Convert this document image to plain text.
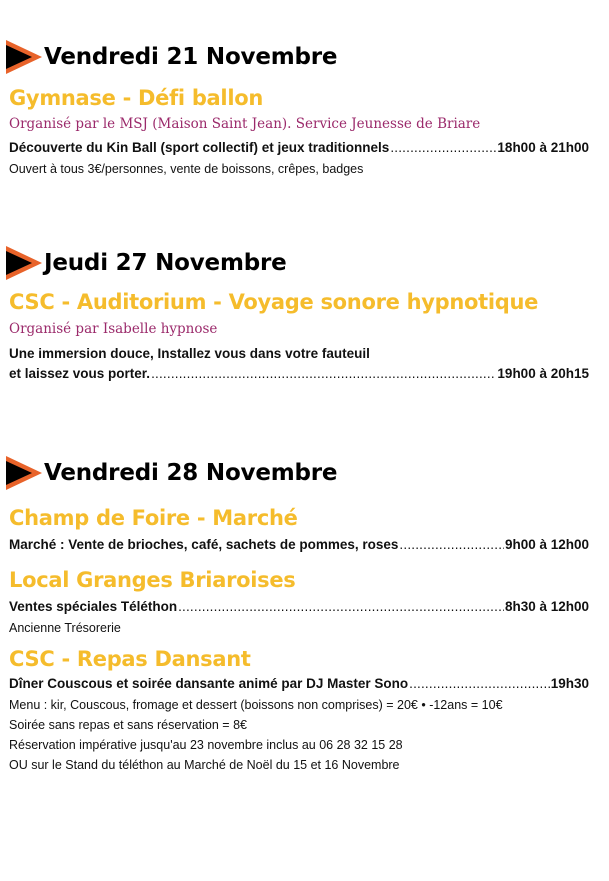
Vendredi 21 Novembre
Gymnase - Défi ballon
Organisé par le MSJ (Maison Saint Jean). Service Jeunesse de Briare
Découverte du Kin Ball (sport collectif) et jeux traditionnels .....	18h00 à 21h00
Ouvert à tous 3€/personnes, vente de boissons, crêpes, badges
Jeudi 27 Novembre
CSC - Auditorium - Voyage sonore hypnotique
Organisé par Isabelle hypnose
Une immersion douce, Installez vous dans votre fauteuil
et laissez vous porter. .....	19h00 à 20h15
Vendredi 28 Novembre
Champ de Foire - Marché
Marché : Vente de brioches, café, sachets de pommes, roses .....	9h00 à 12h00
Local Granges Briaroises
Ventes spéciales Téléthon .....	8h30 à 12h00
Ancienne Trésorerie
CSC - Repas Dansant
Dîner Couscous et soirée dansante animé par DJ Master Sono .....	19h30
Menu : kir, Couscous, fromage et dessert (boissons non comprises) = 20€ • -12ans = 10€
Soirée sans repas et sans réservation = 8€
Réservation impérative jusqu'au 23 novembre inclus au 06 28 32 15 28
OU sur le Stand du téléthon au Marché de Noël du 15 et 16 Novembre
